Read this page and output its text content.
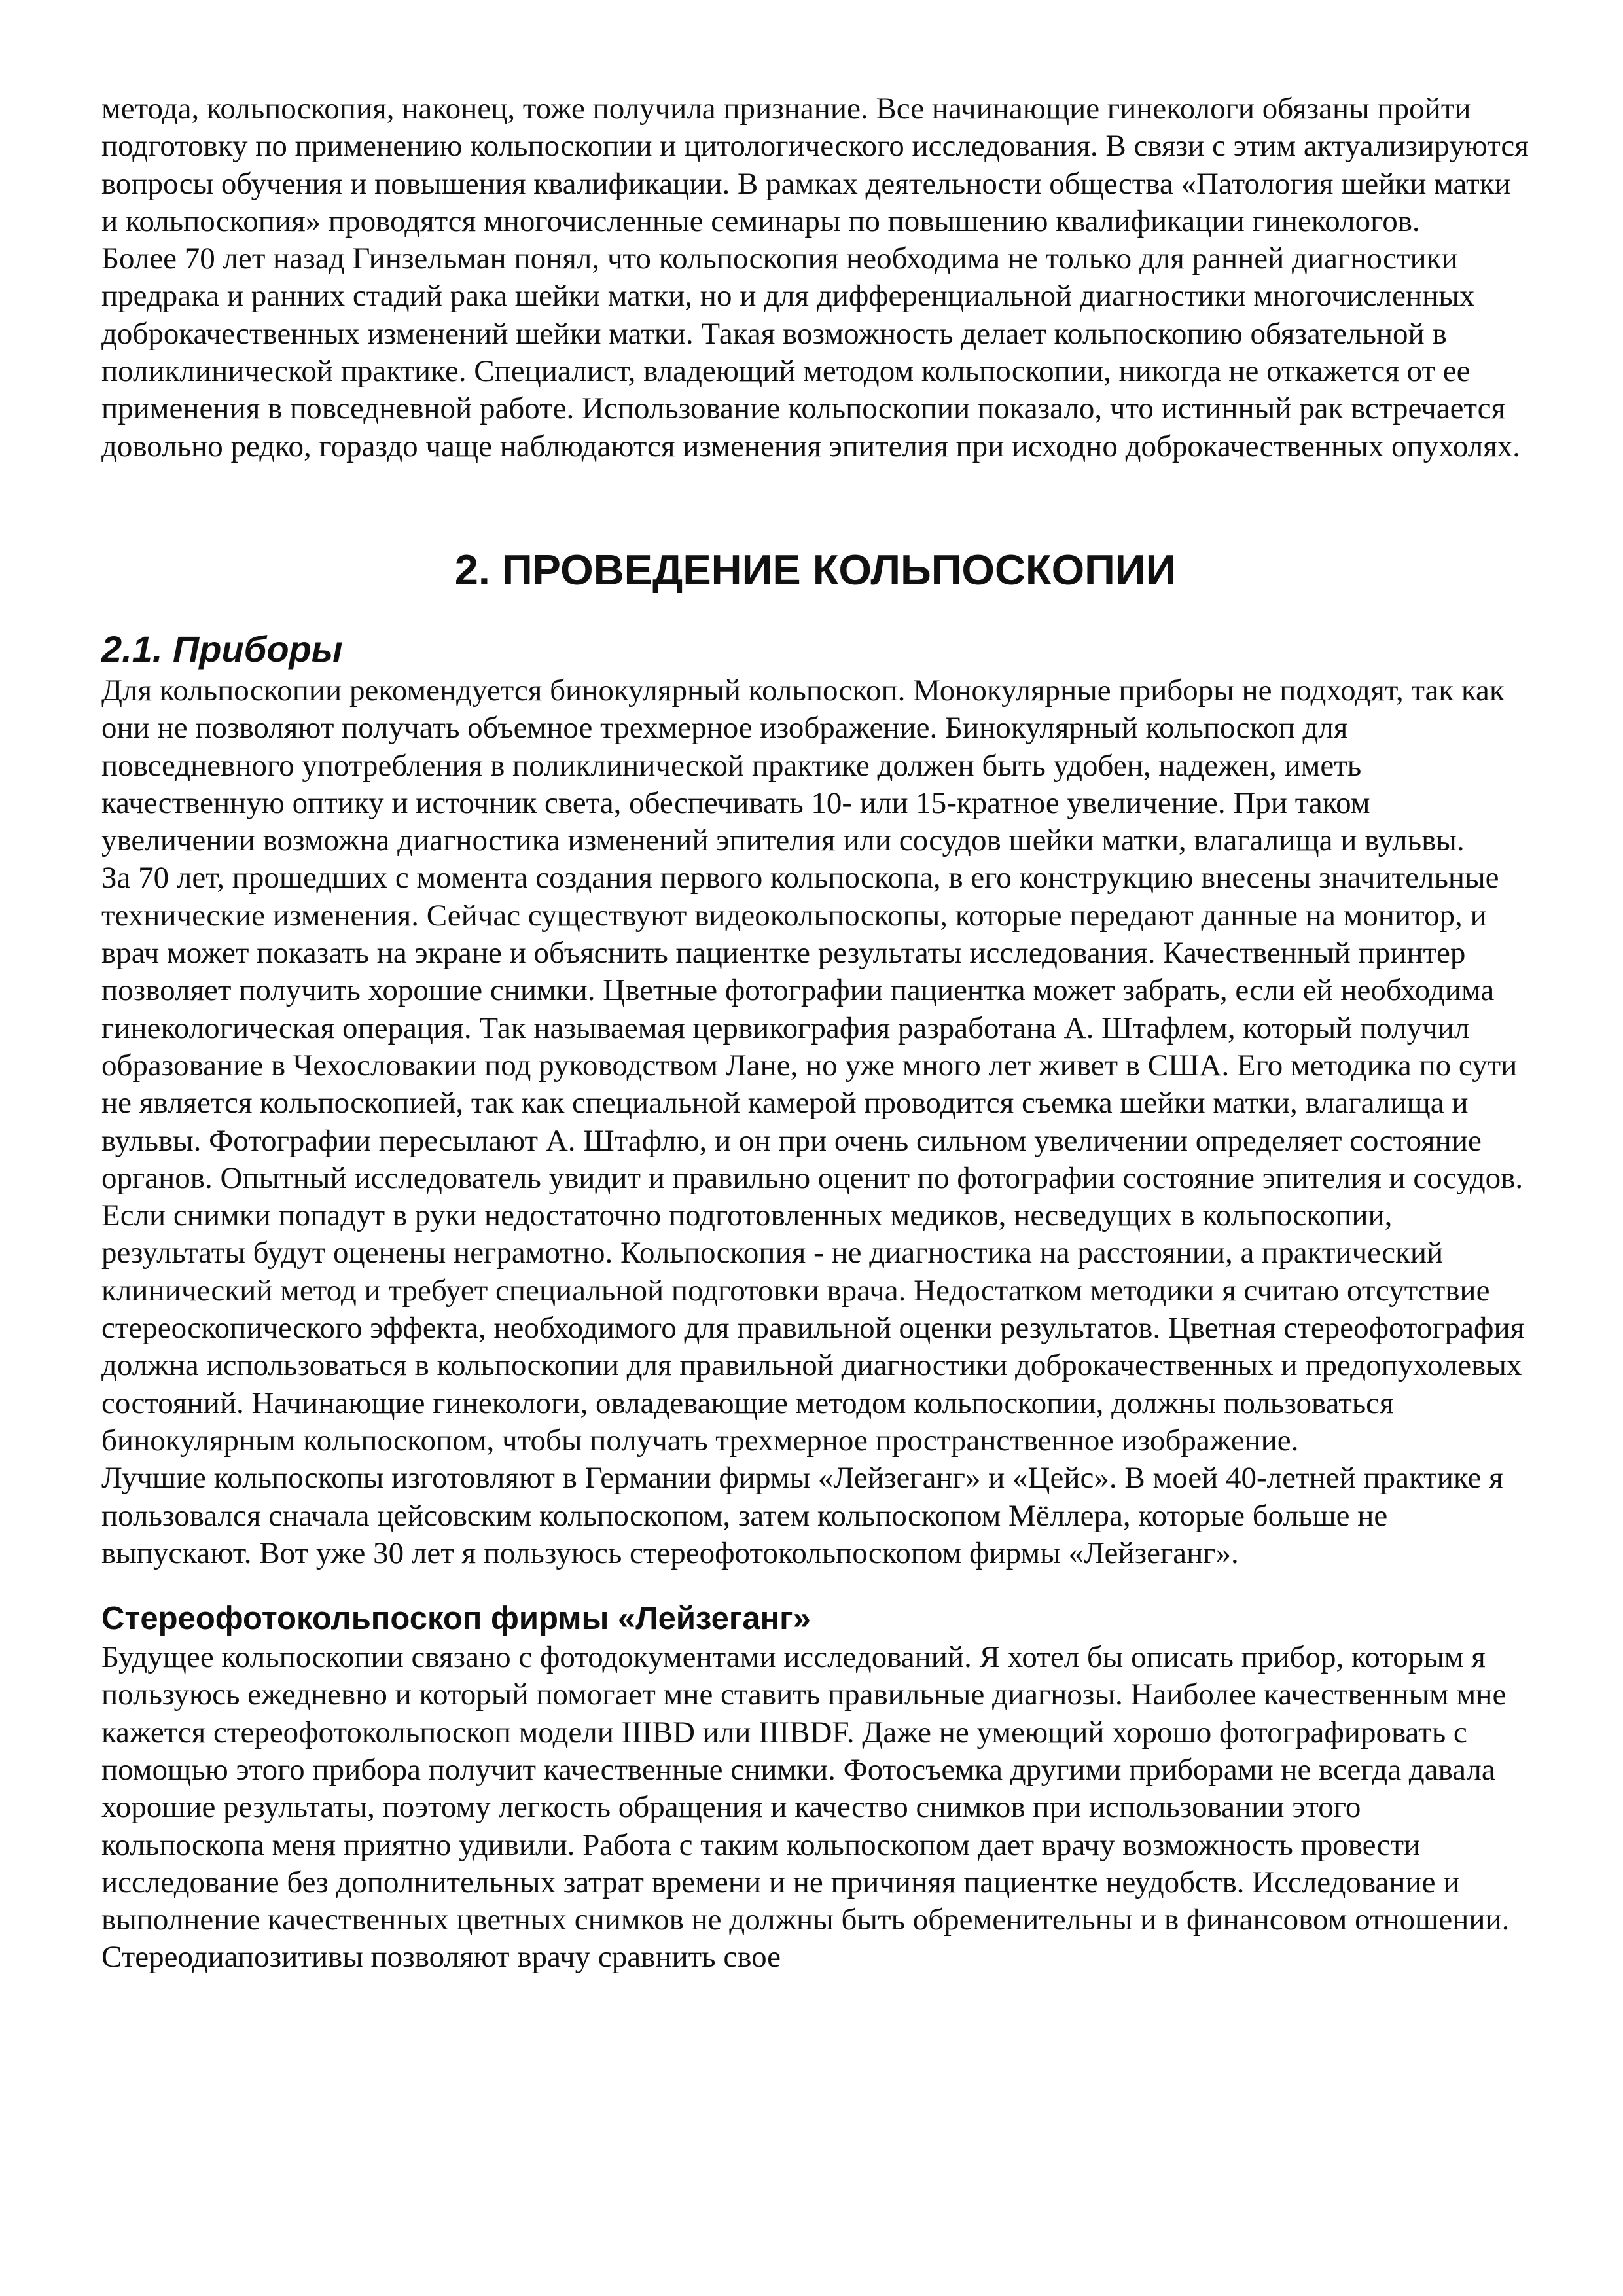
метода, кольпоскопия, наконец, тоже получила признание. Все начинающие гинекологи обязаны пройти подготовку по применению кольпоскопии и цитологического исследования. В связи с этим актуализируются вопросы обучения и повышения квалификации. В рамках деятельности общества «Патология шейки матки и кольпоскопия» проводятся многочисленные семинары по повышению квалификации гинекологов.

Более 70 лет назад Гинзельман понял, что кольпоскопия необходима не только для ранней диагностики предрака и ранних стадий рака шейки матки, но и для дифференциальной диагностики многочисленных доброкачественных изменений шейки матки. Такая возможность делает кольпоскопию обязательной в поликлинической практике. Специалист, владеющий методом кольпоскопии, никогда не откажется от ее применения в повседневной работе. Использование кольпоскопии показало, что истинный рак встречается довольно редко, гораздо чаще наблюдаются изменения эпителия при исходно доброкачественных опухолях.

2. ПРОВЕДЕНИЕ КОЛЬПОСКОПИИ
2.1. Приборы

Для кольпоскопии рекомендуется бинокулярный кольпоскоп. Монокулярные приборы не подходят, так как они не позволяют получать объемное трехмерное изображение. Бинокулярный кольпоскоп для повседневного употребления в поликлинической практике должен быть удобен, надежен, иметь качественную оптику и источник света, обеспечивать 10- или 15-кратное увеличение. При таком увеличении возможна диагностика изменений эпителия или сосудов шейки матки, влагалища и вульвы.

За 70 лет, прошедших с момента создания первого кольпоскопа, в его конструкцию внесены значительные технические изменения. Сейчас существуют видеокольпоскопы, которые передают данные на монитор, и врач может показать на экране и объяснить пациентке результаты исследования. Качественный принтер позволяет получить хорошие снимки. Цветные фотографии пациентка может забрать, если ей необходима гинекологическая операция. Так называемая цервикография разработана А. Штафлем, который получил образование в Чехословакии под руководством Лане, но уже много лет живет в США. Его методика по сути не является кольпоскопией, так как специальной камерой проводится съемка шейки матки, влагалища и вульвы. Фотографии пересылают А. Штафлю, и он при очень сильном увеличении определяет состояние органов. Опытный исследователь увидит и правильно оценит по фотографии состояние эпителия и сосудов. Если снимки попадут в руки недостаточно подготовленных медиков, несведущих в кольпоскопии, результаты будут оценены неграмотно. Кольпоскопия - не диагностика на расстоянии, а практический клинический метод и требует специальной подготовки врача. Недостатком методики я считаю отсутствие стереоскопического эффекта, необходимого для правильной оценки результатов. Цветная стереофотография должна использоваться в кольпоскопии для правильной диагностики доброкачественных и предопухолевых состояний. Начинающие гинекологи, овладевающие методом кольпоскопии, должны пользоваться бинокулярным кольпоскопом, чтобы получать трехмерное пространственное изображение.

Лучшие кольпоскопы изготовляют в Германии фирмы «Лейзеганг» и «Цейс». В моей 40-летней практике я пользовался сначала цейсовским кольпоскопом, затем кольпоскопом Мёллера, которые больше не выпускают. Вот уже 30 лет я пользуюсь стереофотокольпоскопом фирмы «Лейзеганг».

Стереофотокольпоскоп фирмы «Лейзеганг»

Будущее кольпоскопии связано с фотодокументами исследований. Я хотел бы описать прибор, которым я пользуюсь ежедневно и который помогает мне ставить правильные диагнозы. Наиболее качественным мне кажется стереофотокольпоскоп модели IIIBD или IIIBDF. Даже не умеющий хорошо фотографировать с помощью этого прибора получит качественные снимки. Фотосъемка другими приборами не всегда давала хорошие результаты, поэтому легкость обращения и качество снимков при использовании этого кольпоскопа меня приятно удивили. Работа с таким кольпоскопом дает врачу возможность провести исследование без дополнительных затрат времени и не причиняя пациентке неудобств. Исследование и выполнение качественных цветных снимков не должны быть обременительны и в финансовом отношении. Стереодиапозитивы позволяют врачу сравнить свое
